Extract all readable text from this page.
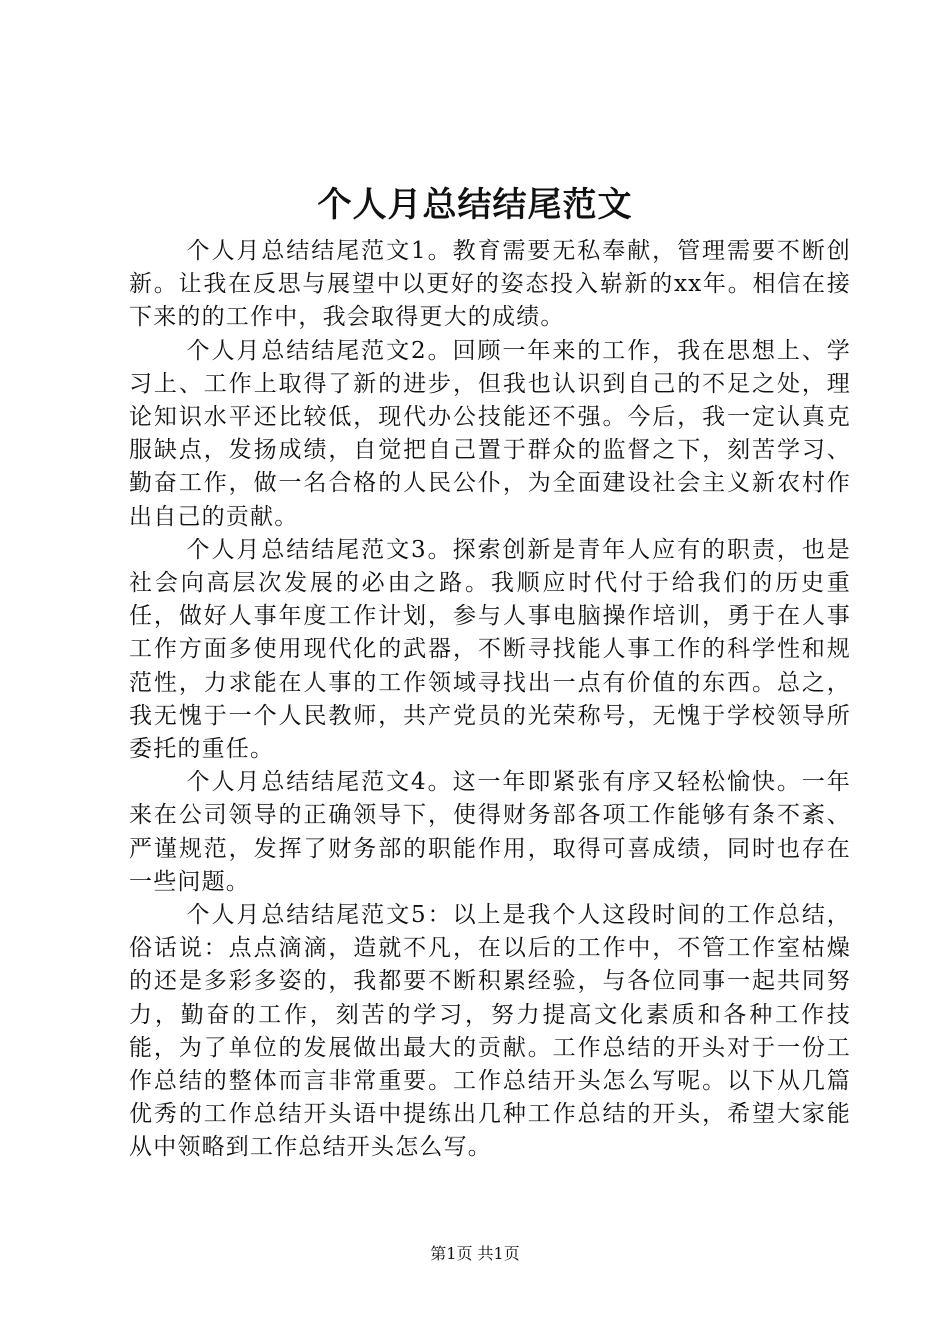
个人月总结结尾范文

个人月总结结尾范文1。教育需要无私奉献，管理需要不断创新。让我在反思与展望中以更好的姿态投入崭新的xx年。相信在接下来的的工作中，我会取得更大的成绩。

个人月总结结尾范文2。回顾一年来的工作，我在思想上、学习上、工作上取得了新的进步，但我也认识到自己的不足之处，理论知识水平还比较低，现代办公技能还不强。今后，我一定认真克服缺点，发扬成绩，自觉把自己置于群众的监督之下，刻苦学习、勤奋工作，做一名合格的人民公仆，为全面建设社会主义新农村作出自己的贡献。

个人月总结结尾范文3。探索创新是青年人应有的职责，也是社会向高层次发展的必由之路。我顺应时代付于给我们的历史重任，做好人事年度工作计划，参与人事电脑操作培训，勇于在人事工作方面多使用现代化的武器，不断寻找能人事工作的科学性和规范性，力求能在人事的工作领域寻找出一点有价值的东西。总之，我无愧于一个人民教师，共产党员的光荣称号，无愧于学校领导所委托的重任。

个人月总结结尾范文4。这一年即紧张有序又轻松愉快。一年来在公司领导的正确领导下，使得财务部各项工作能够有条不紊、严谨规范，发挥了财务部的职能作用，取得可喜成绩，同时也存在一些问题。

个人月总结结尾范文5：以上是我个人这段时间的工作总结，俗话说：点点滴滴，造就不凡，在以后的工作中，不管工作室枯燥的还是多彩多姿的，我都要不断积累经验，与各位同事一起共同努力，勤奋的工作，刻苦的学习，努力提高文化素质和各种工作技能，为了单位的发展做出最大的贡献。工作总结的开头对于一份工作总结的整体而言非常重要。工作总结开头怎么写呢。以下从几篇优秀的工作总结开头语中提练出几种工作总结的开头，希望大家能从中领略到工作总结开头怎么写。

第1页 共1页
